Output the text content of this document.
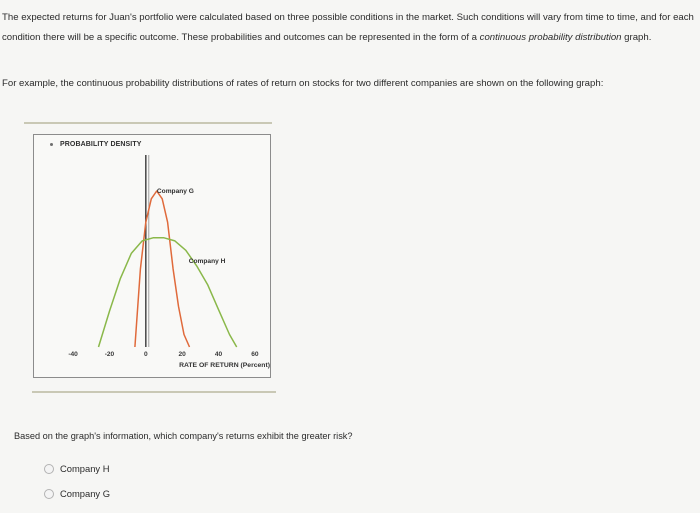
The expected returns for Juan's portfolio were calculated based on three possible conditions in the market. Such conditions will vary from time to time, and for each condition there will be a specific outcome. These probabilities and outcomes can be represented in the form of a continuous probability distribution graph.

For example, the continuous probability distributions of rates of return on stocks for two different companies are shown on the following graph:

PROBABILITY DENSITY
Company G
Company H
-40	-20	0	20	40	60
RATE OF RETURN (Percent)

Based on the graph's information, which company's returns exhibit the greater risk?

Company H
Company G
